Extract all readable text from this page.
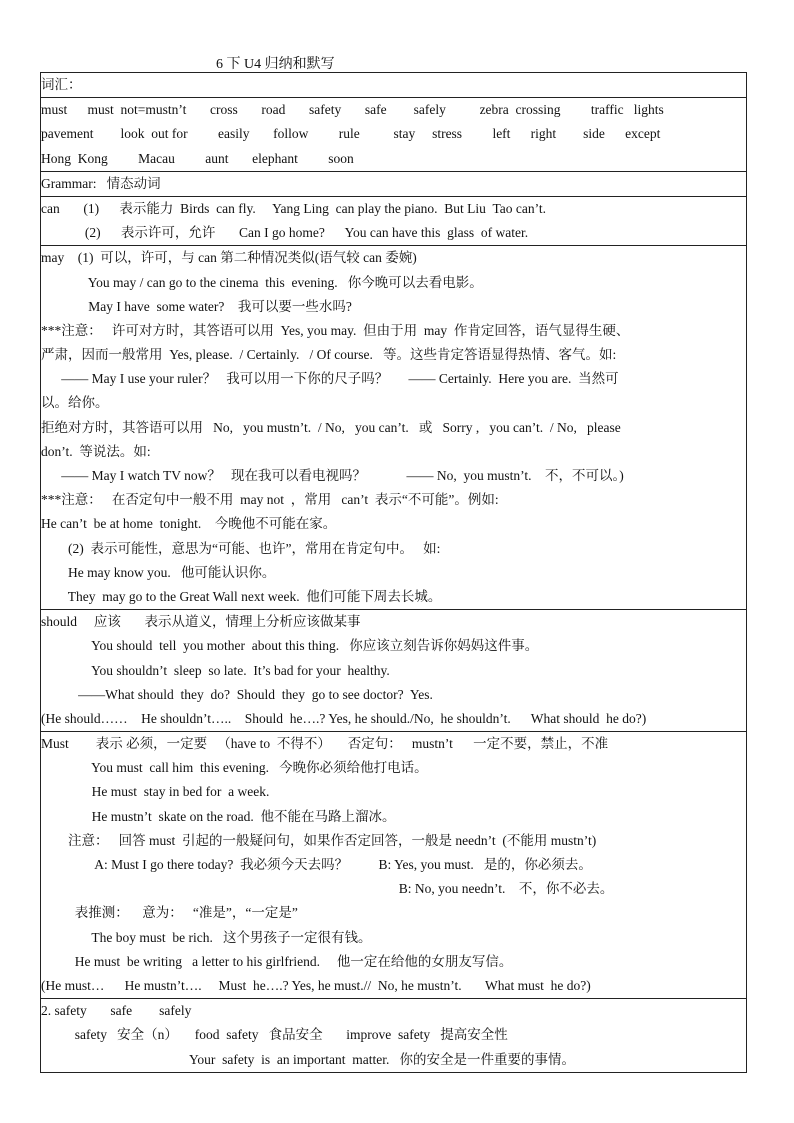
6 下 U4 归纳和默写
词汇：
must      must  not=mustn’t       cross       road       safety       safe        safely          zebra  crossing         traffic   lights
pavement        look  out for         easily       follow         rule          stay     stress         left      right        side      except
Hong  Kong         Macau         aunt       elephant         soon
Grammar:   情态动词
can       (1)      表示能力  Birds  can fly.     Yang Ling  can play the piano.  But Liu  Tao can’t.
(2)      表示许可，允许       Can I go home?      You can have this  glass  of water.
may    (1)  可以，许可，与 can 第二种情况类似(语气较 can 委婉)
You may / can go to the cinema  this  evening.   你今晚可以去看电影。
May I have  some water?    我可以要一些水吗?
***注意：   许可对方时，其答语可以用  Yes, you may.  但由于用  may  作肯定回答，语气显得生硬、
严肃，因而一般常用  Yes, please.  / Certainly.   / Of course.   等。这些肯定答语显得热情、客气。如:
—— May I use your ruler？   我可以用一下你的尺子吗？      —— Certainly.  Here you are.  当然可
以。给你。
拒绝对方时，其答语可以用   No,   you mustn’t.  / No,   you can’t.   或   Sorry ,   you can’t.  / No,   please
don’t.  等说法。如:
—— May I watch TV now？   现在我可以看电视吗？            —— No,  you mustn’t.    不，不可以。)
***注意：   在否定句中一般不用  may not  ，常用   can’t  表示“不可能”。例如:
He can’t  be at home  tonight.    今晚他不可能在家。
(2)  表示可能性，意思为“可能、也许”，常用在肯定句中。   如:
He may know you.   他可能认识你。
They  may go to the Great Wall next week.  他们可能下周去长城。
should     应该       表示从道义，情理上分析应该做某事
You should  tell  you mother  about this thing.   你应该立刻告诉你妈妈这件事。
You shouldn’t  sleep  so late.  It’s bad for your  healthy.
——What should  they  do?  Should  they  go to see doctor?  Yes.
(He should……    He shouldn’t…..    Should  he….? Yes, he should./No,  he shouldn’t.      What should  he do?)
Must        表示 必须，一定要   （have to  不得不）     否定句：   mustn’t      一定不要，禁止，不准
You must  call him  this evening.   今晚你必须给他打电话。
He must  stay in bed for  a week.
He mustn’t  skate on the road.  他不能在马路上溜冰。
注意：   回答 must  引起的一般疑问句，如果作否定回答，一般是 needn’t  (不能用 mustn’t)
A: Must I go there today?  我必须今天去吗？         B: Yes, you must.   是的，你必须去。
B: No, you needn’t.    不，你不必去。
表推测：    意为：   “准是”，“一定是”
The boy must  be rich.   这个男孩子一定很有钱。
He must  be writing   a letter to his girlfriend.     他一定在给他的女朋友写信。
(He must…      He mustn’t….     Must  he….? Yes, he must.//  No, he mustn’t.       What must  he do?)
2. safety       safe        safely
safety   安全（n）     food  safety   食品安全       improve  safety   提高安全性
Your  safety  is  an important  matter.   你的安全是一件重要的事情。
